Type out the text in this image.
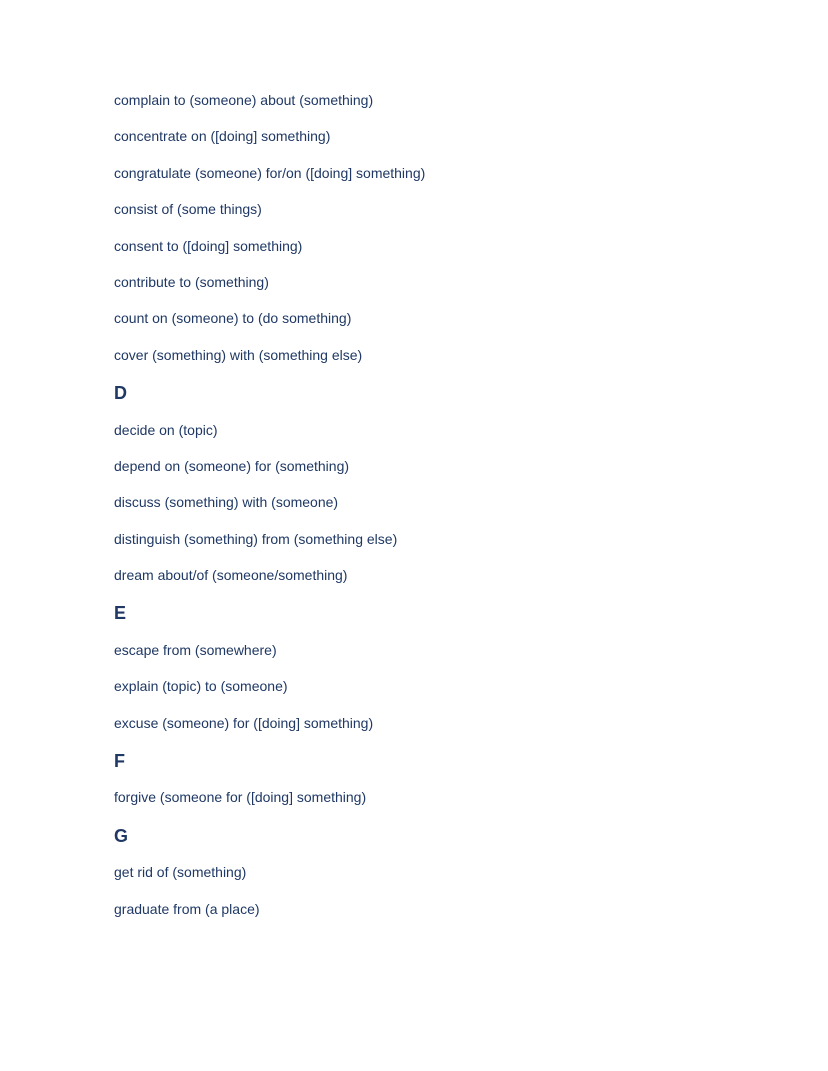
complain to (someone) about (something)
concentrate on ([doing] something)
congratulate (someone) for/on ([doing] something)
consist of (some things)
consent to ([doing] something)
contribute to (something)
count on (someone) to (do something)
cover (something) with (something else)
D
decide on (topic)
depend on (someone) for (something)
discuss (something) with (someone)
distinguish (something) from (something else)
dream about/of (someone/something)
E
escape from (somewhere)
explain (topic) to (someone)
excuse (someone) for ([doing] something)
F
forgive (someone for ([doing] something)
G
get rid of (something)
graduate from (a place)
